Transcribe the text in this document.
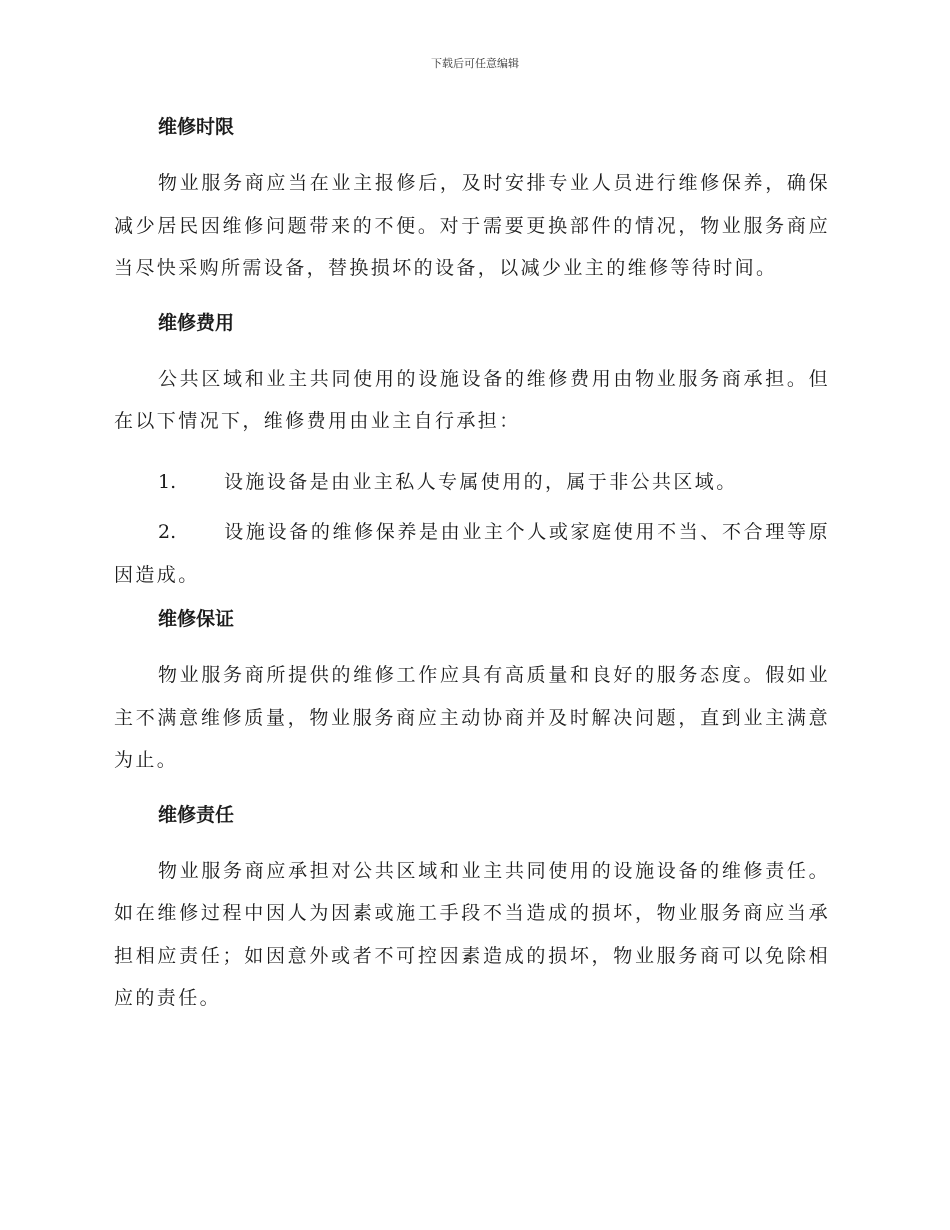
下载后可任意编辑
维修时限

物业服务商应当在业主报修后，及时安排专业人员进行维修保养，确保减少居民因维修问题带来的不便。对于需要更换部件的情况，物业服务商应当尽快采购所需设备，替换损坏的设备，以减少业主的维修等待时间。

维修费用

公共区域和业主共同使用的设施设备的维修费用由物业服务商承担。但在以下情况下，维修费用由业主自行承担：

1.	设施设备是由业主私人专属使用的，属于非公共区域。

2.	设施设备的维修保养是由业主个人或家庭使用不当、不合理等原因造成。

维修保证

物业服务商所提供的维修工作应具有高质量和良好的服务态度。假如业主不满意维修质量，物业服务商应主动协商并及时解决问题，直到业主满意为止。

维修责任

物业服务商应承担对公共区域和业主共同使用的设施设备的维修责任。如在维修过程中因人为因素或施工手段不当造成的损坏，物业服务商应当承担相应责任；如因意外或者不可控因素造成的损坏，物业服务商可以免除相应的责任。
